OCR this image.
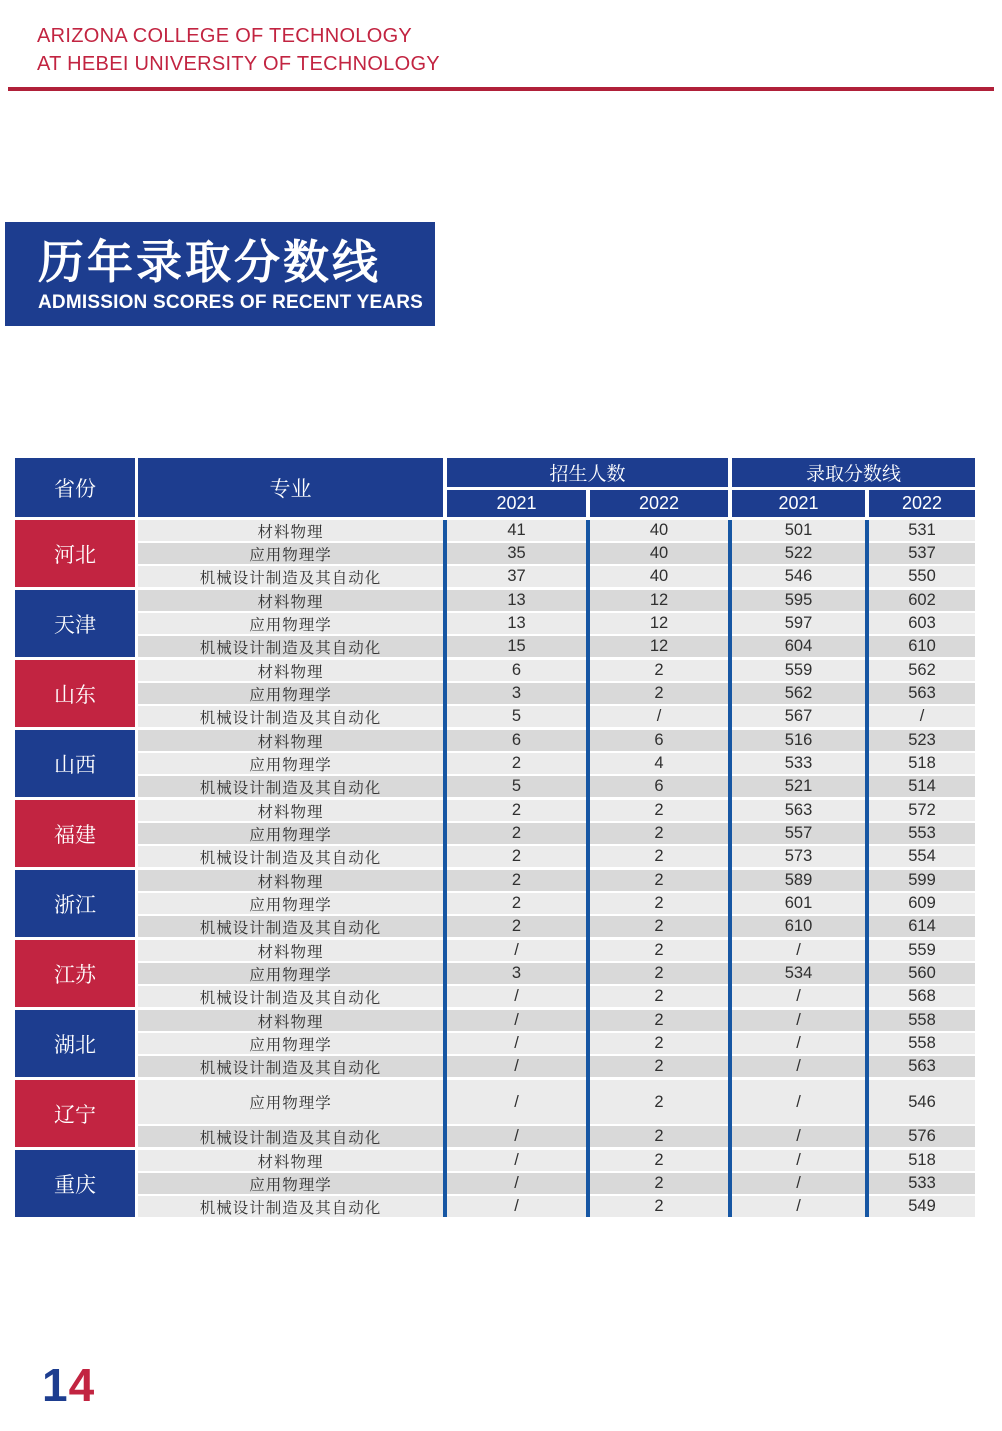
ARIZONA COLLEGE OF TECHNOLOGY
AT HEBEI UNIVERSITY OF TECHNOLOGY
历年录取分数线
ADMISSION SCORES OF RECENT YEARS
省份	专业
招生人数	录取分数线
2021	2022	2021	2022
河北
材料物理	41	40	501	531
应用物理学	35	40	522	537
机械设计制造及其自动化	37	40	546	550
天津
材料物理	13	12	595	602
应用物理学	13	12	597	603
机械设计制造及其自动化	15	12	604	610
山东
材料物理	6	2	559	562
应用物理学	3	2	562	563
机械设计制造及其自动化	5	/	567	/
山西
材料物理	6	6	516	523
应用物理学	2	4	533	518
机械设计制造及其自动化	5	6	521	514
福建
材料物理	2	2	563	572
应用物理学	2	2	557	553
机械设计制造及其自动化	2	2	573	554
浙江
材料物理	2	2	589	599
应用物理学	2	2	601	609
机械设计制造及其自动化	2	2	610	614
江苏
材料物理	/	2	/	559
应用物理学	3	2	534	560
机械设计制造及其自动化	/	2	/	568
湖北
材料物理	/	2	/	558
应用物理学	/	2	/	558
机械设计制造及其自动化	/	2	/	563
辽宁	应用物理学	/	2	/	546
机械设计制造及其自动化	/	2	/	576
重庆
材料物理	/	2	/	518
应用物理学	/	2	/	533
机械设计制造及其自动化	/	2	/	549
14
